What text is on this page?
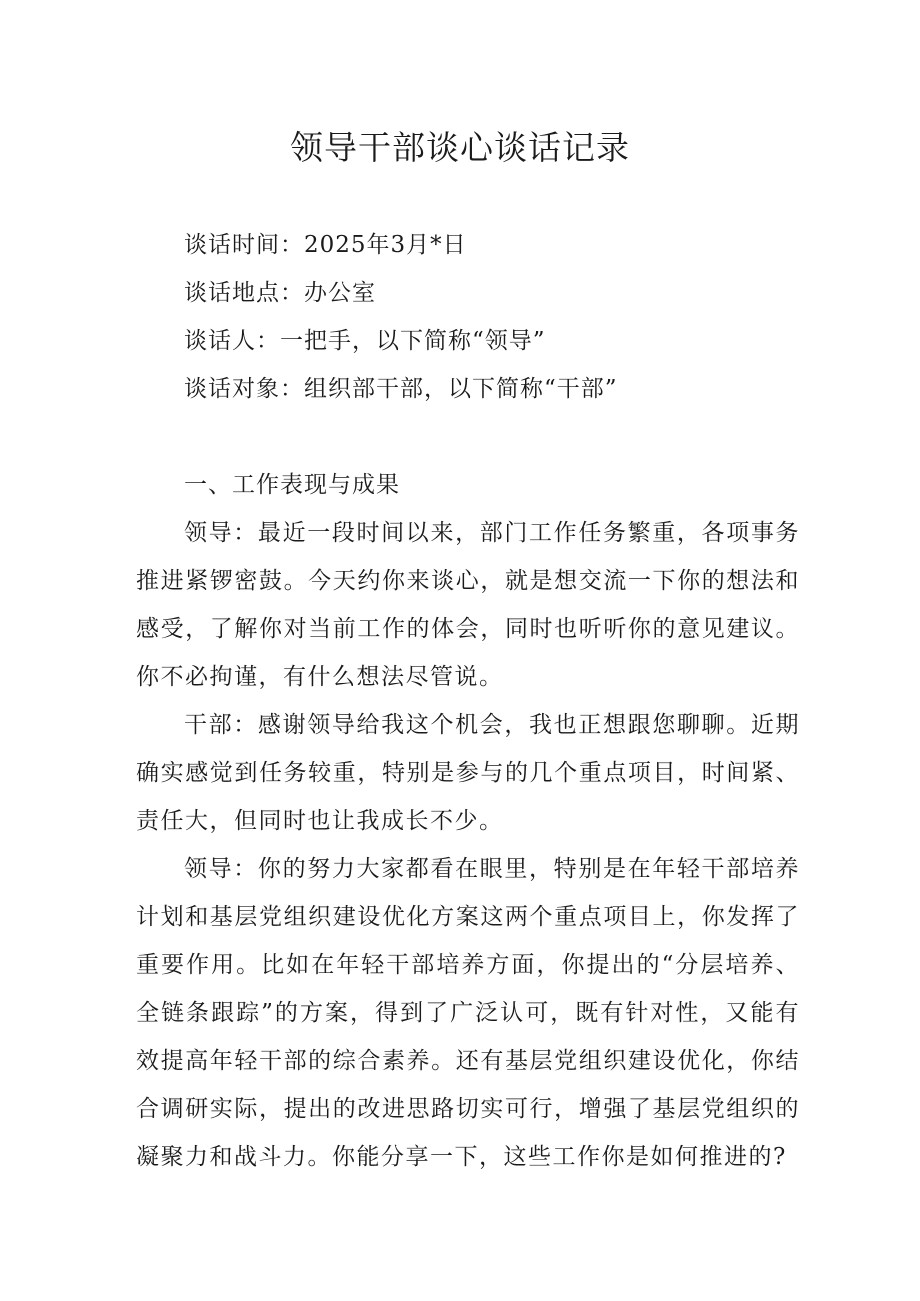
领导干部谈心谈话记录
谈话时间：2025年3月*日
谈话地点：办公室
谈话人：一把手，以下简称“领导”
谈话对象：组织部干部，以下简称“干部”
一、工作表现与成果

领导：最近一段时间以来，部门工作任务繁重，各项事务推进紧锣密鼓。今天约你来谈心，就是想交流一下你的想法和感受，了解你对当前工作的体会，同时也听听你的意见建议。你不必拘谨，有什么想法尽管说。

干部：感谢领导给我这个机会，我也正想跟您聊聊。近期确实感觉到任务较重，特别是参与的几个重点项目，时间紧、责任大，但同时也让我成长不少。

领导：你的努力大家都看在眼里，特别是在年轻干部培养计划和基层党组织建设优化方案这两个重点项目上，你发挥了重要作用。比如在年轻干部培养方面，你提出的“分层培养、全链条跟踪”的方案，得到了广泛认可，既有针对性，又能有效提高年轻干部的综合素养。还有基层党组织建设优化，你结合调研实际，提出的改进思路切实可行，增强了基层党组织的凝聚力和战斗力。你能分享一下，这些工作你是如何推进的?
